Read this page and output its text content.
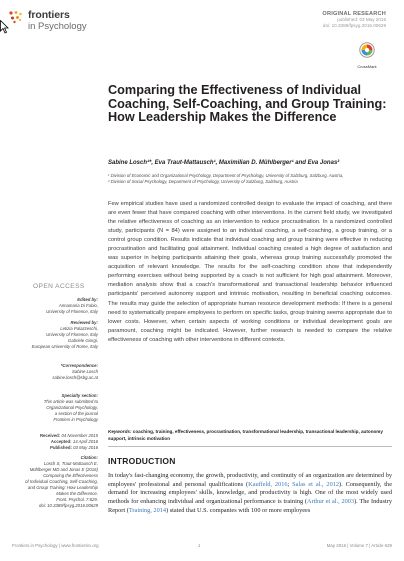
frontiers
in Psychology
ORIGINAL RESEARCH
published: 03 May 2016
doi: 10.3389/fpsyg.2016.00629
CrossMark
Comparing the Effectiveness of Individual Coaching, Self-Coaching, and Group Training: How Leadership Makes the Difference
Sabine Losch¹*, Eva Traut-Mattausch¹, Maximilian D. Mühlberger¹ and Eva Jonas²
¹ Division of Economic and Organizational Psychology, Department of Psychology, University of Salzburg, Salzburg, Austria,
² Division of Social Psychology, Department of Psychology, University of Salzburg, Salzburg, Austria
Few empirical studies have used a randomized controlled design to evaluate the impact of coaching, and there are even fewer that have compared coaching with other interventions. In the current field study, we investigated the relative effectiveness of coaching as an intervention to reduce procrastination. In a randomized controlled study, participants (N = 84) were assigned to an individual coaching, a self-coaching, a group training, or a control group condition. Results indicate that individual coaching and group training were effective in reducing procrastination and facilitating goal attainment. Individual coaching created a high degree of satisfaction and was superior in helping participants attaining their goals, whereas group training successfully promoted the acquisition of relevant knowledge. The results for the self-coaching condition show that independently performing exercises without being supported by a coach is not sufficient for high goal attainment. Moreover, mediation analysis show that a coach's transformational and transactional leadership behavior influenced participants' perceived autonomy support and intrinsic motivation, resulting in beneficial coaching outcomes. The results may guide the selection of appropriate human resource development methods: If there is a general need to systematically prepare employees to perform on specific tasks, group training seems appropriate due to lower costs. However, when certain aspects of working conditions or individual development goals are paramount, coaching might be indicated. However, further research is needed to compare the relative effectiveness of coaching with other interventions in different contexts.
Keywords: coaching, training, effectiveness, procrastination, transformational leadership, transactional leadership, autonomy support, intrinsic motivation
INTRODUCTION
In today's fast-changing economy, the growth, productivity, and continuity of an organization are determined by employees' professional and personal qualifications (Kauffeld, 2016; Salas et al., 2012). Consequently, the demand for increasing employees' skills, knowledge, and productivity is high. One of the most widely used methods for enhancing individual and organizational performance is training (Arthur et al., 2003). The Industry Report (Training, 2014) stated that U.S. companies with 100 or more employees
OPEN ACCESS
Edited by:
Annamaria Di Fabio,
University of Florence, Italy
Reviewed by:
Letizia Palazzeschi,
University of Florence, Italy
Gabriele Giorgi,
European University of Rome, Italy
*Correspondence:
Sabine Losch
sabine.losch@sbg.ac.at
Specialty section:
This article was submitted to
Organizational Psychology,
a section of the journal
Frontiers in Psychology
Received: 04 November 2015
Accepted: 14 April 2016
Published: 03 May 2016
Citation:
Losch S, Traut-Mattausch E,
Mühlberger MD and Jonas E (2016)
Comparing the Effectiveness
of Individual Coaching, Self-Coaching,
and Group Training: How Leadership
Makes the Difference.
Front. Psychol. 7:629.
doi: 10.3389/fpsyg.2016.00629
Frontiers in Psychology | www.frontiersin.org	1	May 2016 | Volume 7 | Article 629
